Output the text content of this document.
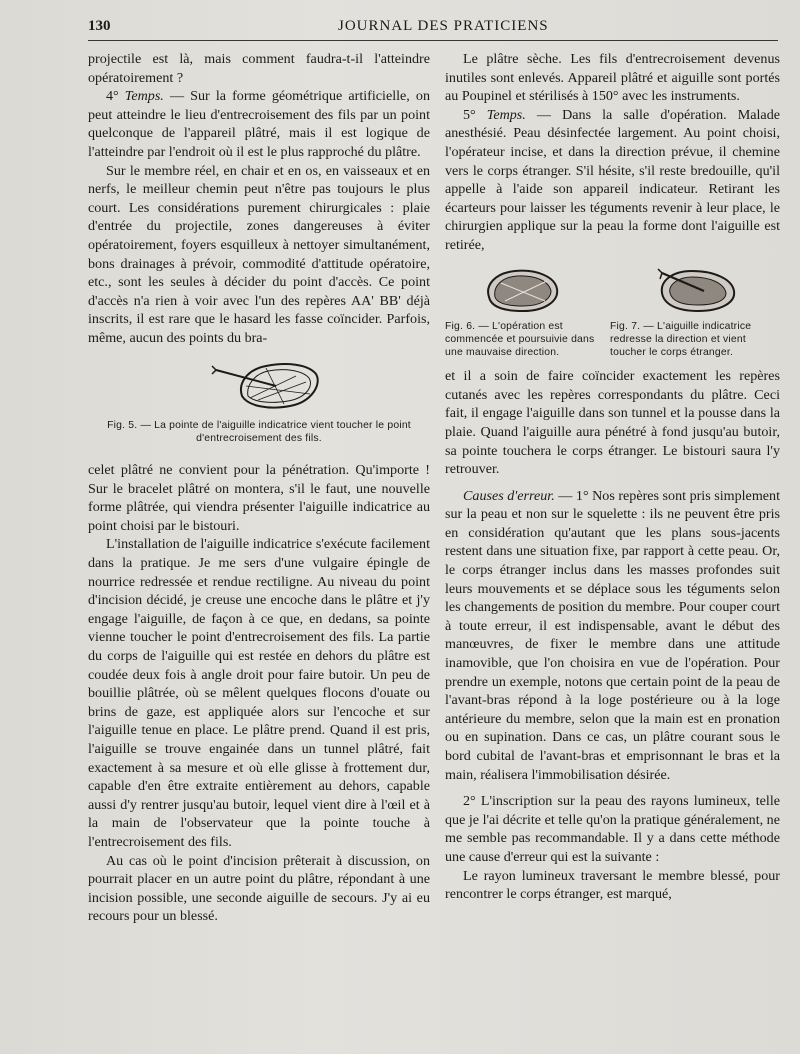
130	JOURNAL DES PRATICIENS

projectile est là, mais comment faudra-t-il l'atteindre opératoirement ?

4° Temps. — Sur la forme géométrique artificielle, on peut atteindre le lieu d'entrecroisement des fils par un point quelconque de l'appareil plâtré, mais il est logique de l'atteindre par l'endroit où il est le plus rapproché du plâtre.

Sur le membre réel, en chair et en os, en vaisseaux et en nerfs, le meilleur chemin peut n'être pas toujours le plus court. Les considérations purement chirurgicales : plaie d'entrée du projectile, zones dangereuses à éviter opératoirement, foyers esquilleux à nettoyer simultanément, bons drainages à prévoir, commodité d'attitude opératoire, etc., sont les seules à décider du point d'accès. Ce point d'accès n'a rien à voir avec l'un des repères AA' BB' déjà inscrits, il est rare que le hasard les fasse coïncider. Parfois, même, aucun des points du bra-

Fig. 5. — La pointe de l'aiguille indicatrice vient toucher le point d'entrecroisement des fils.

celet plâtré ne convient pour la pénétration. Qu'importe ! Sur le bracelet plâtré on montera, s'il le faut, une nouvelle forme plâtrée, qui viendra présenter l'aiguille indicatrice au point choisi par le bistouri.

L'installation de l'aiguille indicatrice s'exécute facilement dans la pratique. Je me sers d'une vulgaire épingle de nourrice redressée et rendue rectiligne. Au niveau du point d'incision décidé, je creuse une encoche dans le plâtre et j'y engage l'aiguille, de façon à ce que, en dedans, sa pointe vienne toucher le point d'entrecroisement des fils. La partie du corps de l'aiguille qui est restée en dehors du plâtre est coudée deux fois à angle droit pour faire butoir. Un peu de bouillie plâtrée, où se mêlent quelques flocons d'ouate ou brins de gaze, est appliquée alors sur l'encoche et sur l'aiguille tenue en place. Le plâtre prend. Quand il est pris, l'aiguille se trouve engainée dans un tunnel plâtré, fait exactement à sa mesure et où elle glisse à frottement dur, capable d'en être extraite entièrement au dehors, capable aussi d'y rentrer jusqu'au butoir, lequel vient dire à l'œil et à la main de l'observateur que la pointe touche à l'entrecroisement des fils.

Au cas où le point d'incision prêterait à discussion, on pourrait placer en un autre point du plâtre, répondant à une incision possible, une seconde aiguille de secours. J'y ai eu recours pour un blessé.

Le plâtre sèche. Les fils d'entrecroisement devenus inutiles sont enlevés. Appareil plâtré et aiguille sont portés au Poupinel et stérilisés à 150° avec les instruments.

5° Temps. — Dans la salle d'opération. Malade anesthésié. Peau désinfectée largement. Au point choisi, l'opérateur incise, et dans la direction prévue, il chemine vers le corps étranger. S'il hésite, s'il reste bredouille, qu'il appelle à l'aide son appareil indicateur. Retirant les écarteurs pour laisser les téguments revenir à leur place, le chirurgien applique sur la peau la forme dont l'aiguille est retirée,

Fig. 6. — L'opération est commencée et poursuivie dans une mauvaise direction.
Fig. 7. — L'aiguille indicatrice redresse la direction et vient toucher le corps étranger.

et il a soin de faire coïncider exactement les repères cutanés avec les repères correspondants du plâtre. Ceci fait, il engage l'aiguille dans son tunnel et la pousse dans la plaie. Quand l'aiguille aura pénétré à fond jusqu'au butoir, sa pointe touchera le corps étranger. Le bistouri saura l'y retrouver.

Causes d'erreur. — 1° Nos repères sont pris simplement sur la peau et non sur le squelette : ils ne peuvent être pris en considération qu'autant que les plans sous-jacents restent dans une situation fixe, par rapport à cette peau. Or, le corps étranger inclus dans les masses profondes suit leurs mouvements et se déplace sous les téguments selon les changements de position du membre. Pour couper court à toute erreur, il est indispensable, avant le début des manœuvres, de fixer le membre dans une attitude inamovible, que l'on choisira en vue de l'opération. Pour prendre un exemple, notons que certain point de la peau de l'avant-bras répond à la loge postérieure ou à la loge antérieure du membre, selon que la main est en pronation ou en supination. Dans ce cas, un plâtre courant sous le bord cubital de l'avant-bras et emprisonnant le bras et la main, réalisera l'immobilisation désirée.

2° L'inscription sur la peau des rayons lumineux, telle que je l'ai décrite et telle qu'on la pratique généralement, ne me semble pas recommandable. Il y a dans cette méthode une cause d'erreur qui est la suivante :

Le rayon lumineux traversant le membre blessé, pour rencontrer le corps étranger, est marqué,
